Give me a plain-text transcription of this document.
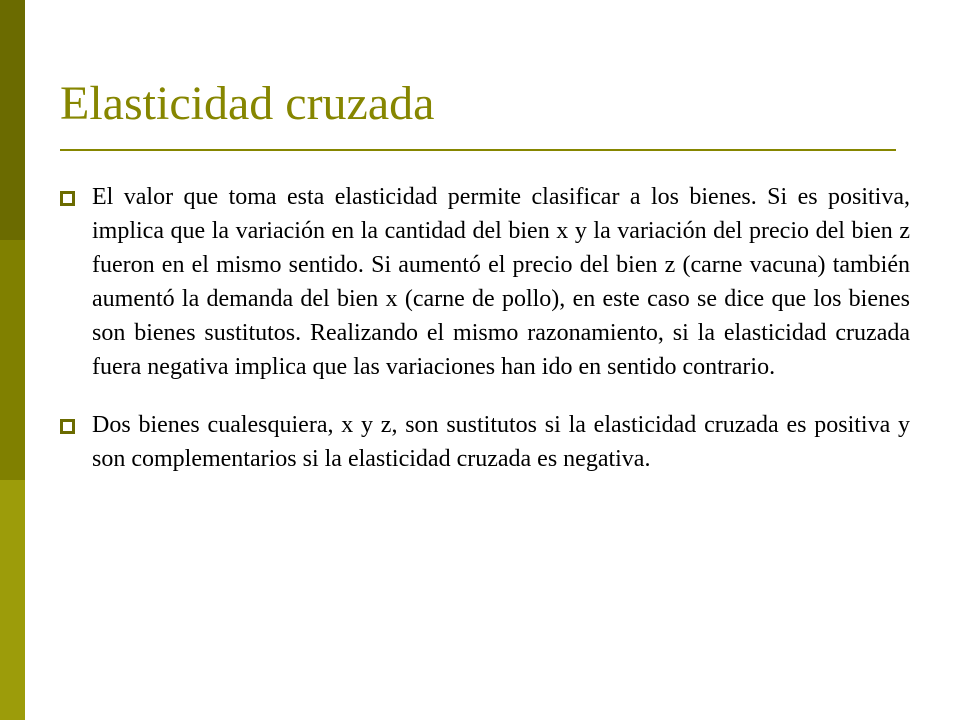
Elasticidad cruzada

El valor que toma esta elasticidad permite clasificar a los bienes. Si es positiva, implica que la variación en la cantidad del bien x y la variación del precio del bien z fueron en el mismo sentido. Si aumentó el precio del bien z (carne vacuna) también aumentó la demanda del bien x (carne de pollo), en este caso se dice que los bienes son bienes sustitutos. Realizando el mismo razonamiento, si la elasticidad cruzada fuera negativa implica que las variaciones han ido en sentido contrario.

Dos bienes cualesquiera, x y z, son sustitutos si la elasticidad cruzada es positiva y son complementarios si la elasticidad cruzada es negativa.
